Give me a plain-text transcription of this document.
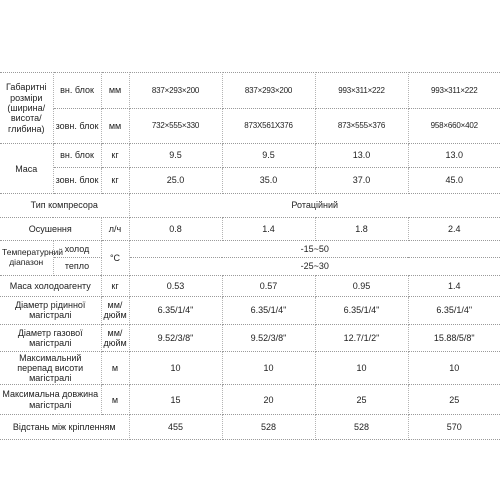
Габаритні розміри (ширина/ висота/ глибина)	вн. блок	мм	837×293×200	837×293×200	993×311×222	993×311×222
	зовн. блок	мм	732×555×330	873X561X376	873×555×376	958×660×402
Маса	вн. блок	кг	9.5	9.5	13.0	13.0
	зовн. блок	кг	25.0	35.0	37.0	45.0
Тип компресора			Ротаційний			
Осушення		л/ч	0.8	1.4	1.8	2.4
Температурний діапазон	холод	°C	-15~50			
	тепло		-25~30			
Маса холодоагенту		кг	0.53	0.57	0.95	1.4
Діаметр рідинної магістралі		мм/ дюйм	6.35/1/4"	6.35/1/4"	6.35/1/4"	6.35/1/4"
Діаметр газової магістралі		мм/ дюйм	9.52/3/8"	9.52/3/8"	12.7/1/2"	15.88/5/8"
Максимальний перепад висоти магістралі		м	10	10	10	10
Максимальна довжина магістралі		м	15	20	25	25
Відстань між кріпленням			455	528	528	570
